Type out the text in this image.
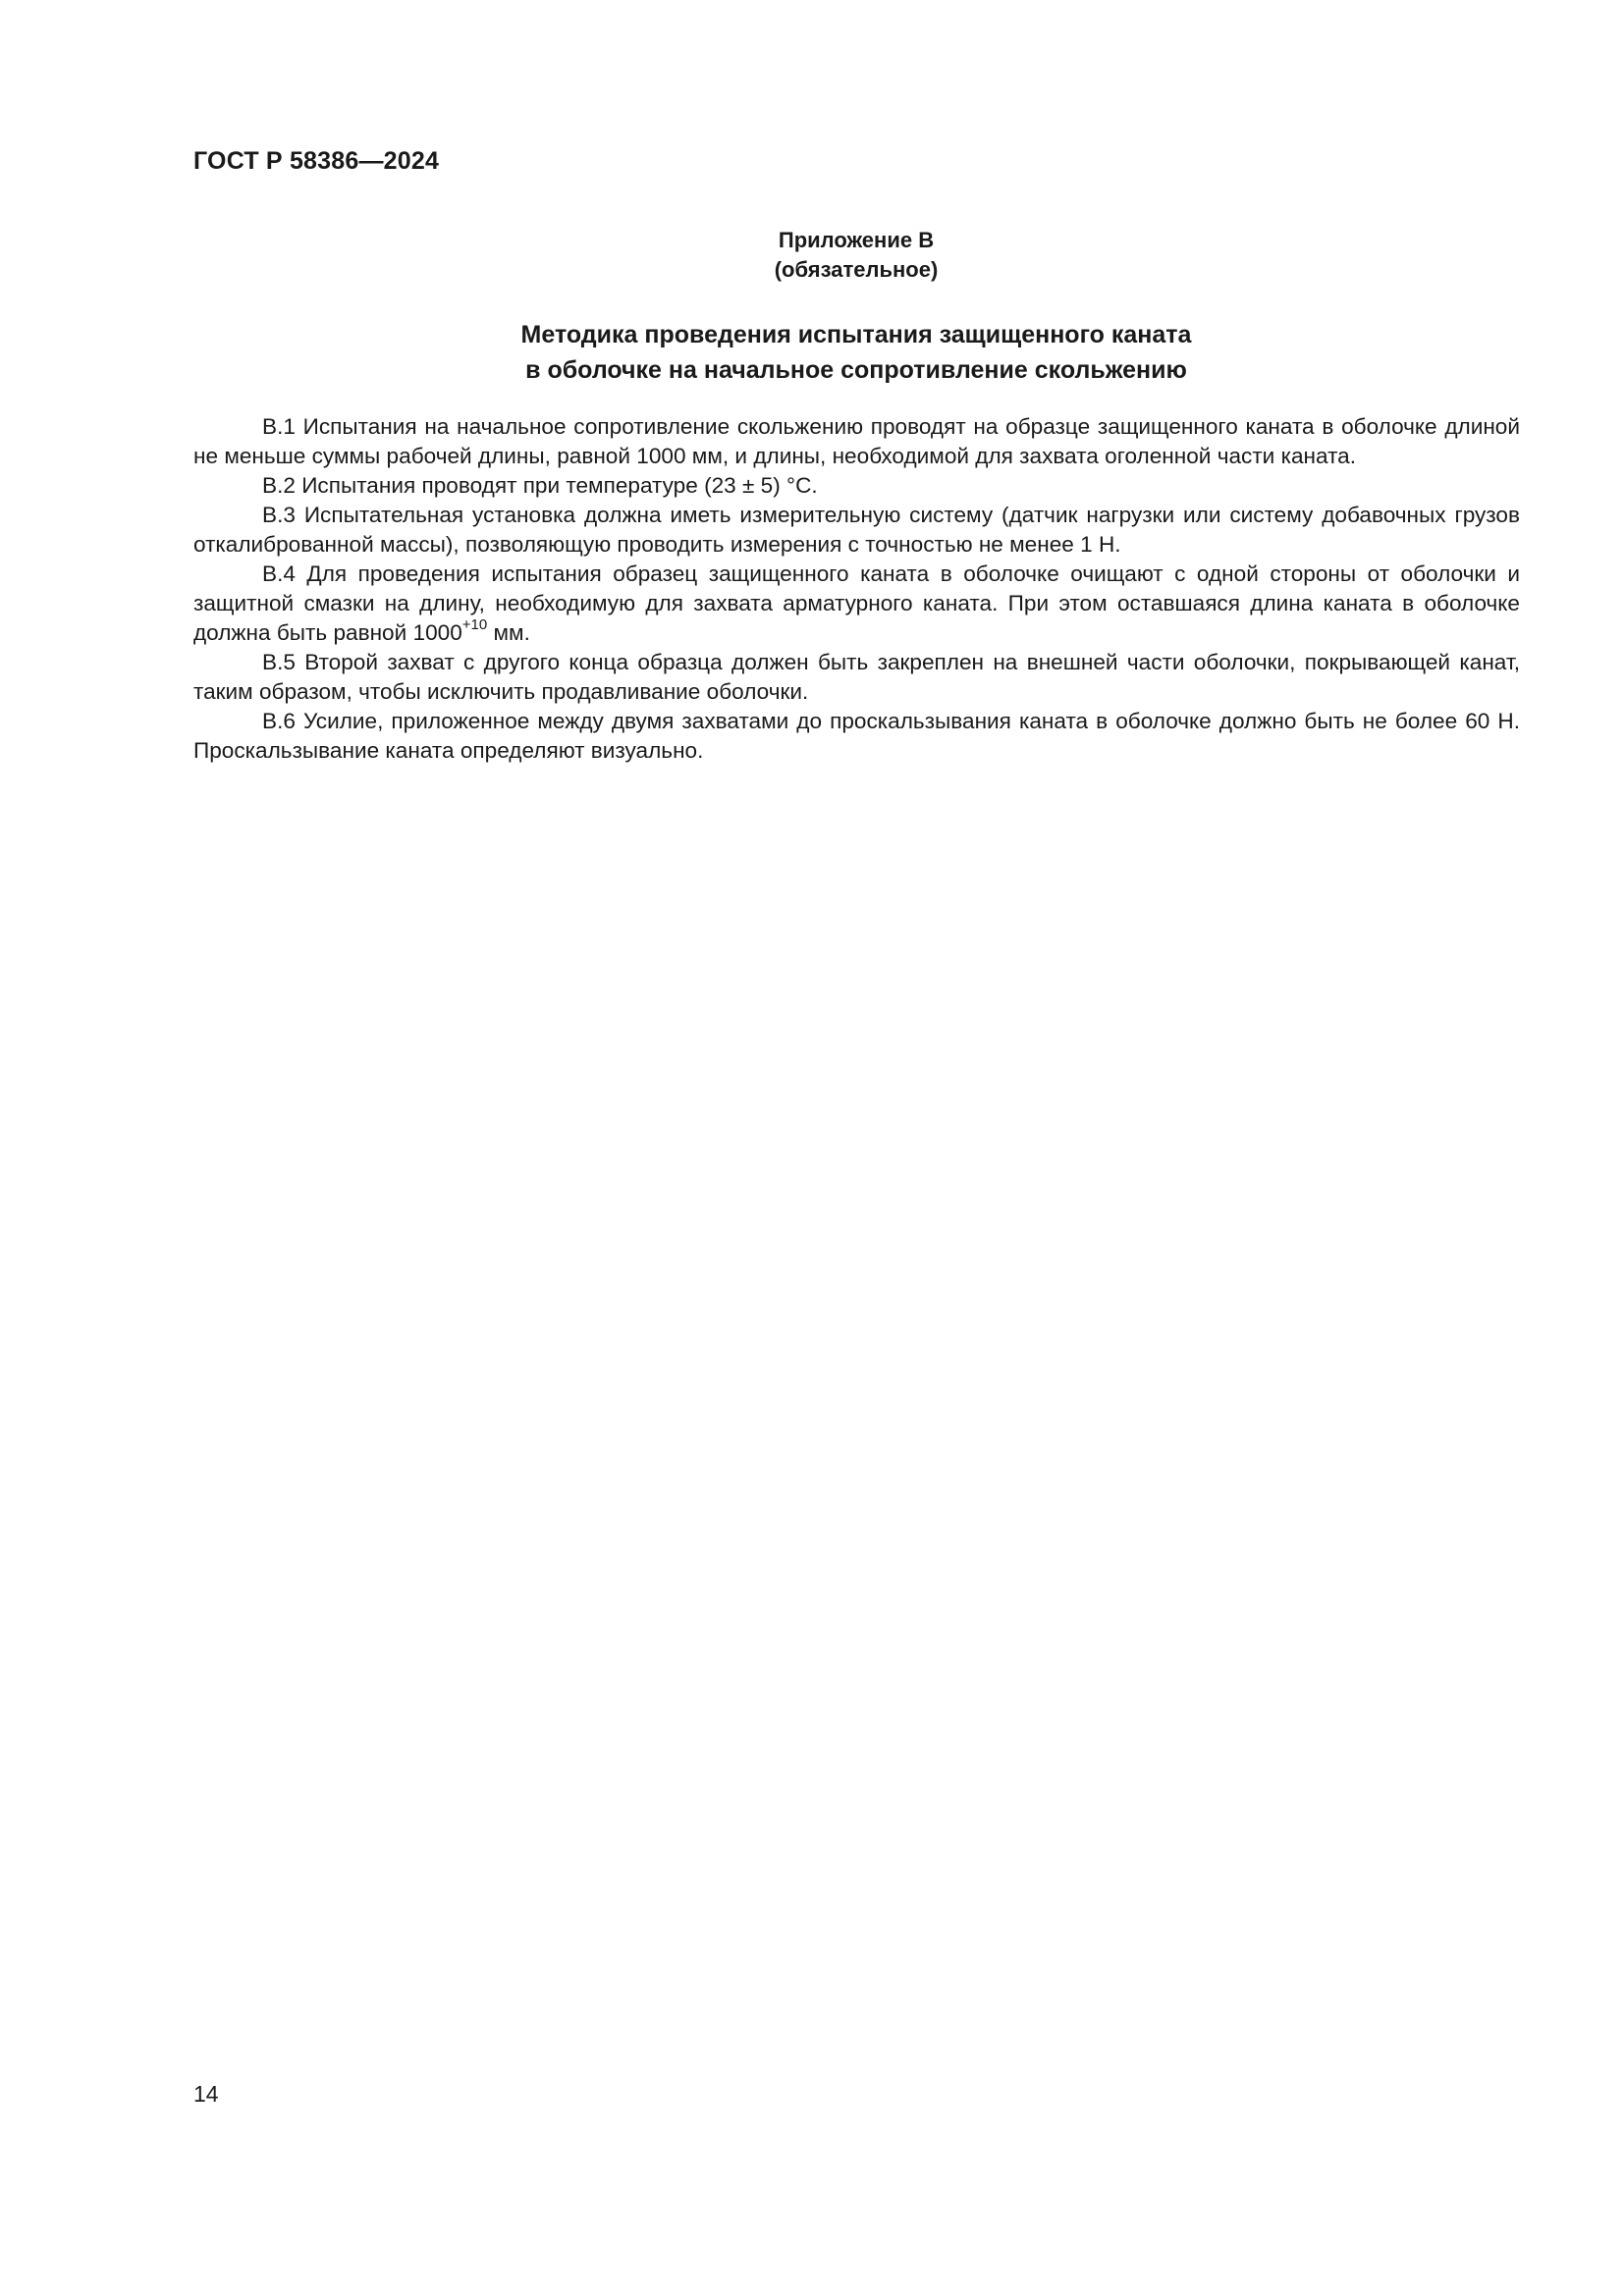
ГОСТ Р 58386—2024
Приложение В
(обязательное)
Методика проведения испытания защищенного каната
в оболочке на начальное сопротивление скольжению

В.1 Испытания на начальное сопротивление скольжению проводят на образце защищенного каната в оболочке длиной не меньше суммы рабочей длины, равной 1000 мм, и длины, необходимой для захвата оголенной части каната.

В.2 Испытания проводят при температуре (23 ± 5) °С.

В.3 Испытательная установка должна иметь измерительную систему (датчик нагрузки или систему добавочных грузов откалиброванной массы), позволяющую проводить измерения с точностью не менее 1 Н.

В.4 Для проведения испытания образец защищенного каната в оболочке очищают с одной стороны от оболочки и защитной смазки на длину, необходимую для захвата арматурного каната. При этом оставшаяся длина каната в оболочке должна быть равной $1000^{+10}$ мм.

В.5 Второй захват с другого конца образца должен быть закреплен на внешней части оболочки, покрывающей канат, таким образом, чтобы исключить продавливание оболочки.

В.6 Усилие, приложенное между двумя захватами до проскальзывания каната в оболочке должно быть не более 60 Н. Проскальзывание каната определяют визуально.

14
